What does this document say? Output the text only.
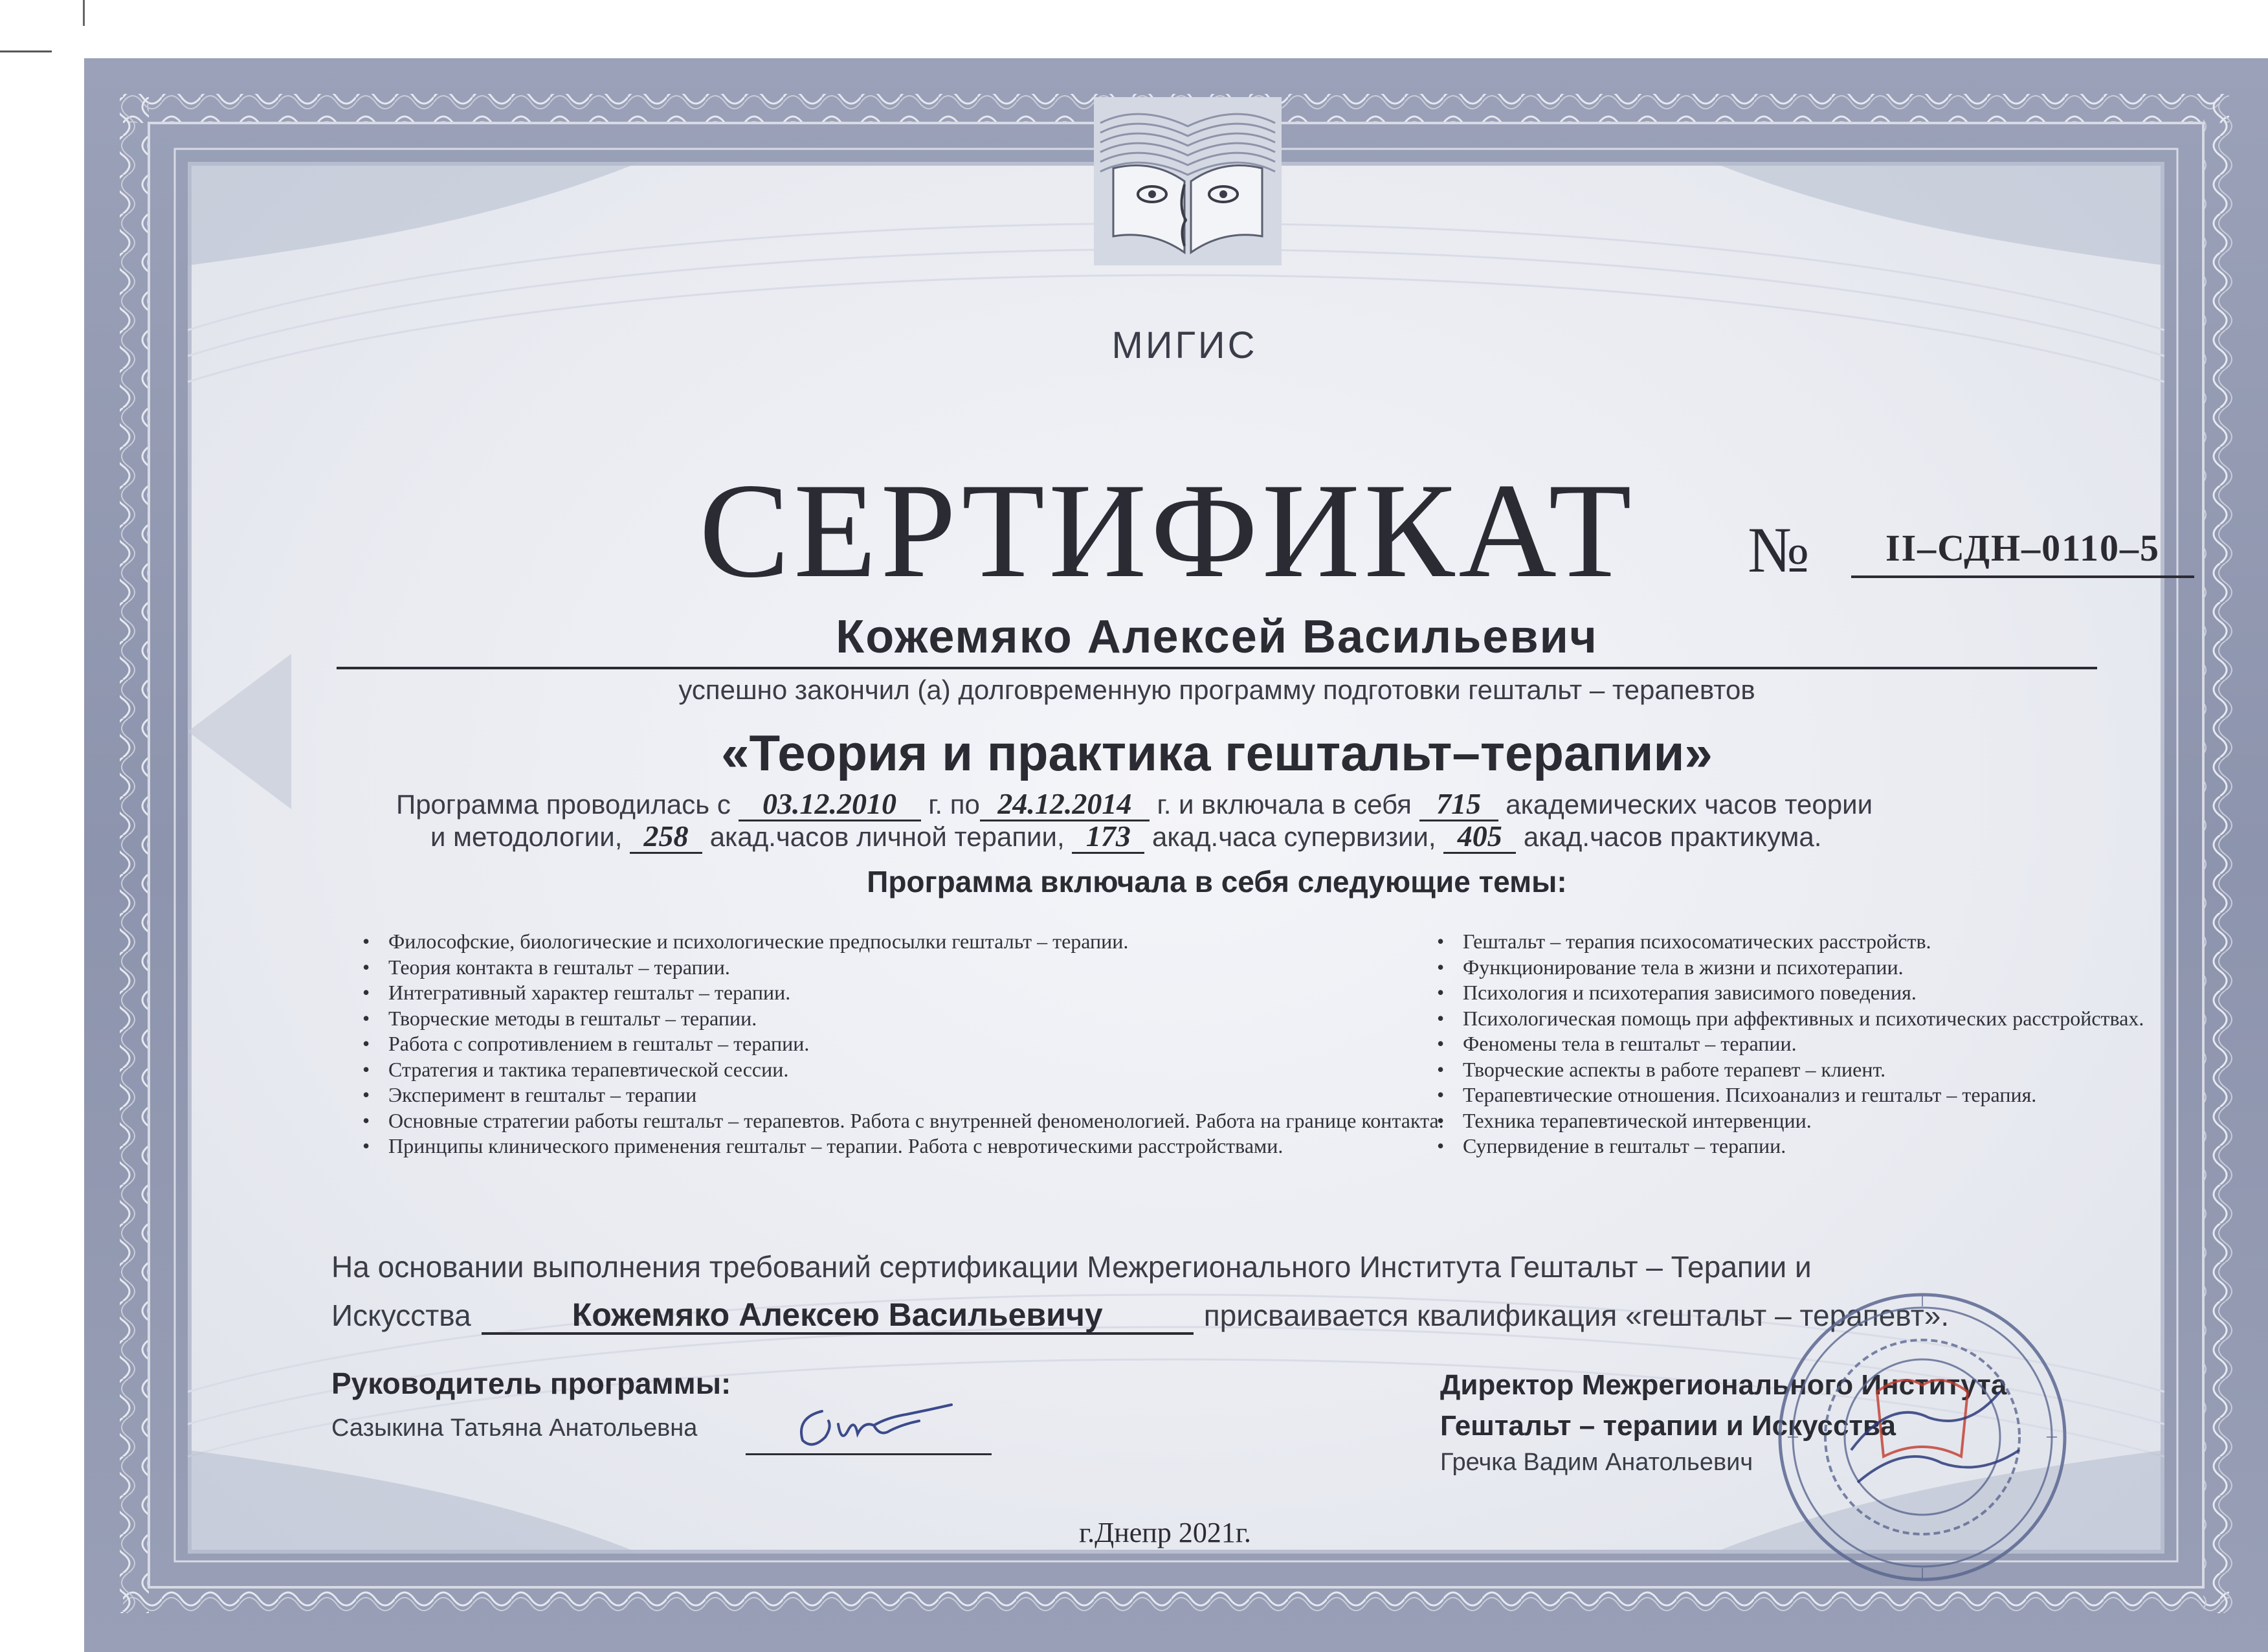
МИГИС
СЕРТИФИКАТ №	II–СДН–0110–5
Кожемяко Алексей Васильевич
успешно закончил (а) долговременную программу подготовки гештальт – терапевтов
«Теория и практика гештальт–терапии»
Программа проводилась с 03.12.2010 г. по 24.12.2014 г. и включала в себя 715 академических часов теории
и методологии, 258 акад.часов личной терапии, 173 акад.часа супервизии, 405 акад.часов практикума.
Программа включала в себя следующие темы:
• Философские, биологические и психологические предпосылки гештальт – терапии.
• Теория контакта в гештальт – терапии.
• Интегративный характер гештальт – терапии.
• Творческие методы в гештальт – терапии.
• Работа с сопротивлением в гештальт – терапии.
• Стратегия и тактика терапевтической сессии.
• Эксперимент в гештальт – терапии
• Основные стратегии работы гештальт – терапевтов. Работа с внутренней феноменологией. Работа на границе контакта.
• Принципы клинического применения гештальт – терапии. Работа с невротическими расстройствами.
• Гештальт – терапия психосоматических расстройств.
• Функционирование тела в жизни и психотерапии.
• Психология и психотерапия зависимого поведения.
• Психологическая помощь при аффективных и психотических расстройствах.
• Феномены тела в гештальт – терапии.
• Творческие аспекты в работе терапевт – клиент.
• Терапевтические отношения. Психоанализ и гештальт – терапия.
• Техника терапевтической интервенции.
• Супервидение в гештальт – терапии.
На основании выполнения требований сертификации Межрегионального Института Гештальт – Терапии и
Искусства	Кожемяко Алексею Васильевичу	присваивается квалификация «гештальт – терапевт».
Руководитель программы:
Сазыкина Татьяна Анатольевна
Директор Межрегионального Института
Гештальт – терапии и Искусства
Гречка Вадим Анатольевич
г.Днепр 2021г.
